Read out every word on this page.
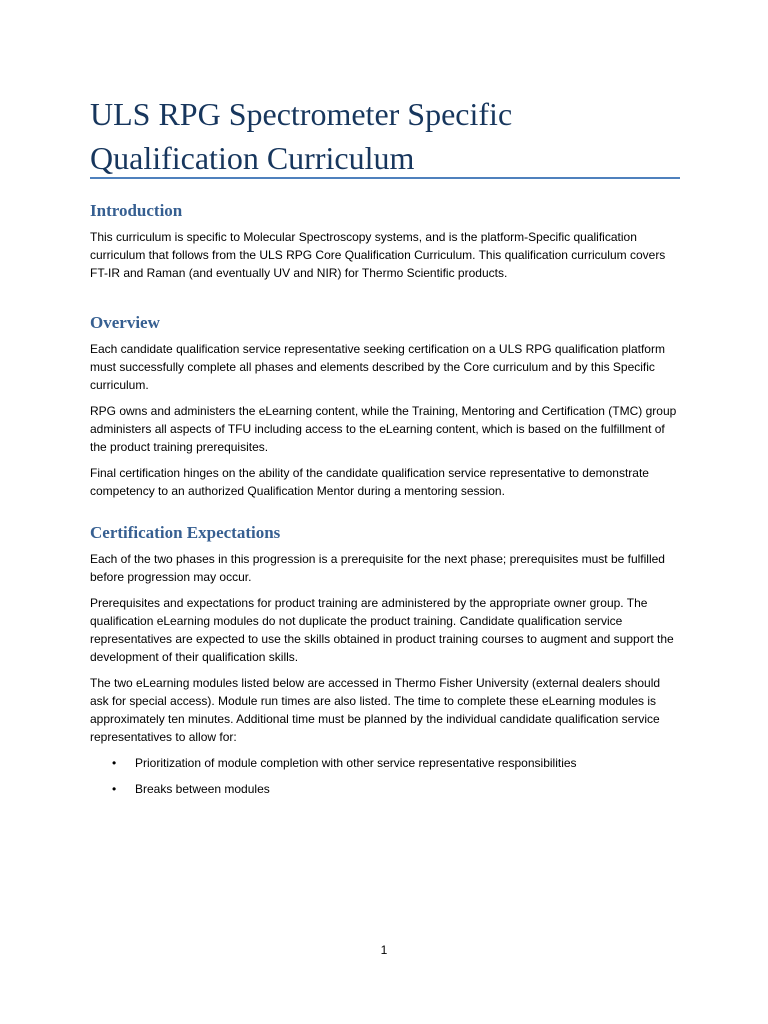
ULS RPG Spectrometer Specific Qualification Curriculum
Introduction

This curriculum is specific to Molecular Spectroscopy systems, and is the platform-Specific qualification curriculum that follows from the ULS RPG Core Qualification Curriculum. This qualification curriculum covers FT-IR and Raman (and eventually UV and NIR) for Thermo Scientific products.

Overview

Each candidate qualification service representative seeking certification on a ULS RPG qualification platform must successfully complete all phases and elements described by the Core curriculum and by this Specific curriculum.

RPG owns and administers the eLearning content, while the Training, Mentoring and Certification (TMC) group administers all aspects of TFU including access to the eLearning content, which is based on the fulfillment of the product training prerequisites.

Final certification hinges on the ability of the candidate qualification service representative to demonstrate competency to an authorized Qualification Mentor during a mentoring session.

Certification Expectations

Each of the two phases in this progression is a prerequisite for the next phase; prerequisites must be fulfilled before progression may occur.

Prerequisites and expectations for product training are administered by the appropriate owner group. The qualification eLearning modules do not duplicate the product training. Candidate qualification service representatives are expected to use the skills obtained in product training courses to augment and support the development of their qualification skills.

The two eLearning modules listed below are accessed in Thermo Fisher University (external dealers should ask for special access). Module run times are also listed. The time to complete these eLearning modules is approximately ten minutes. Additional time must be planned by the individual candidate qualification service representatives to allow for:

• Prioritization of module completion with other service representative responsibilities
• Breaks between modules
1
